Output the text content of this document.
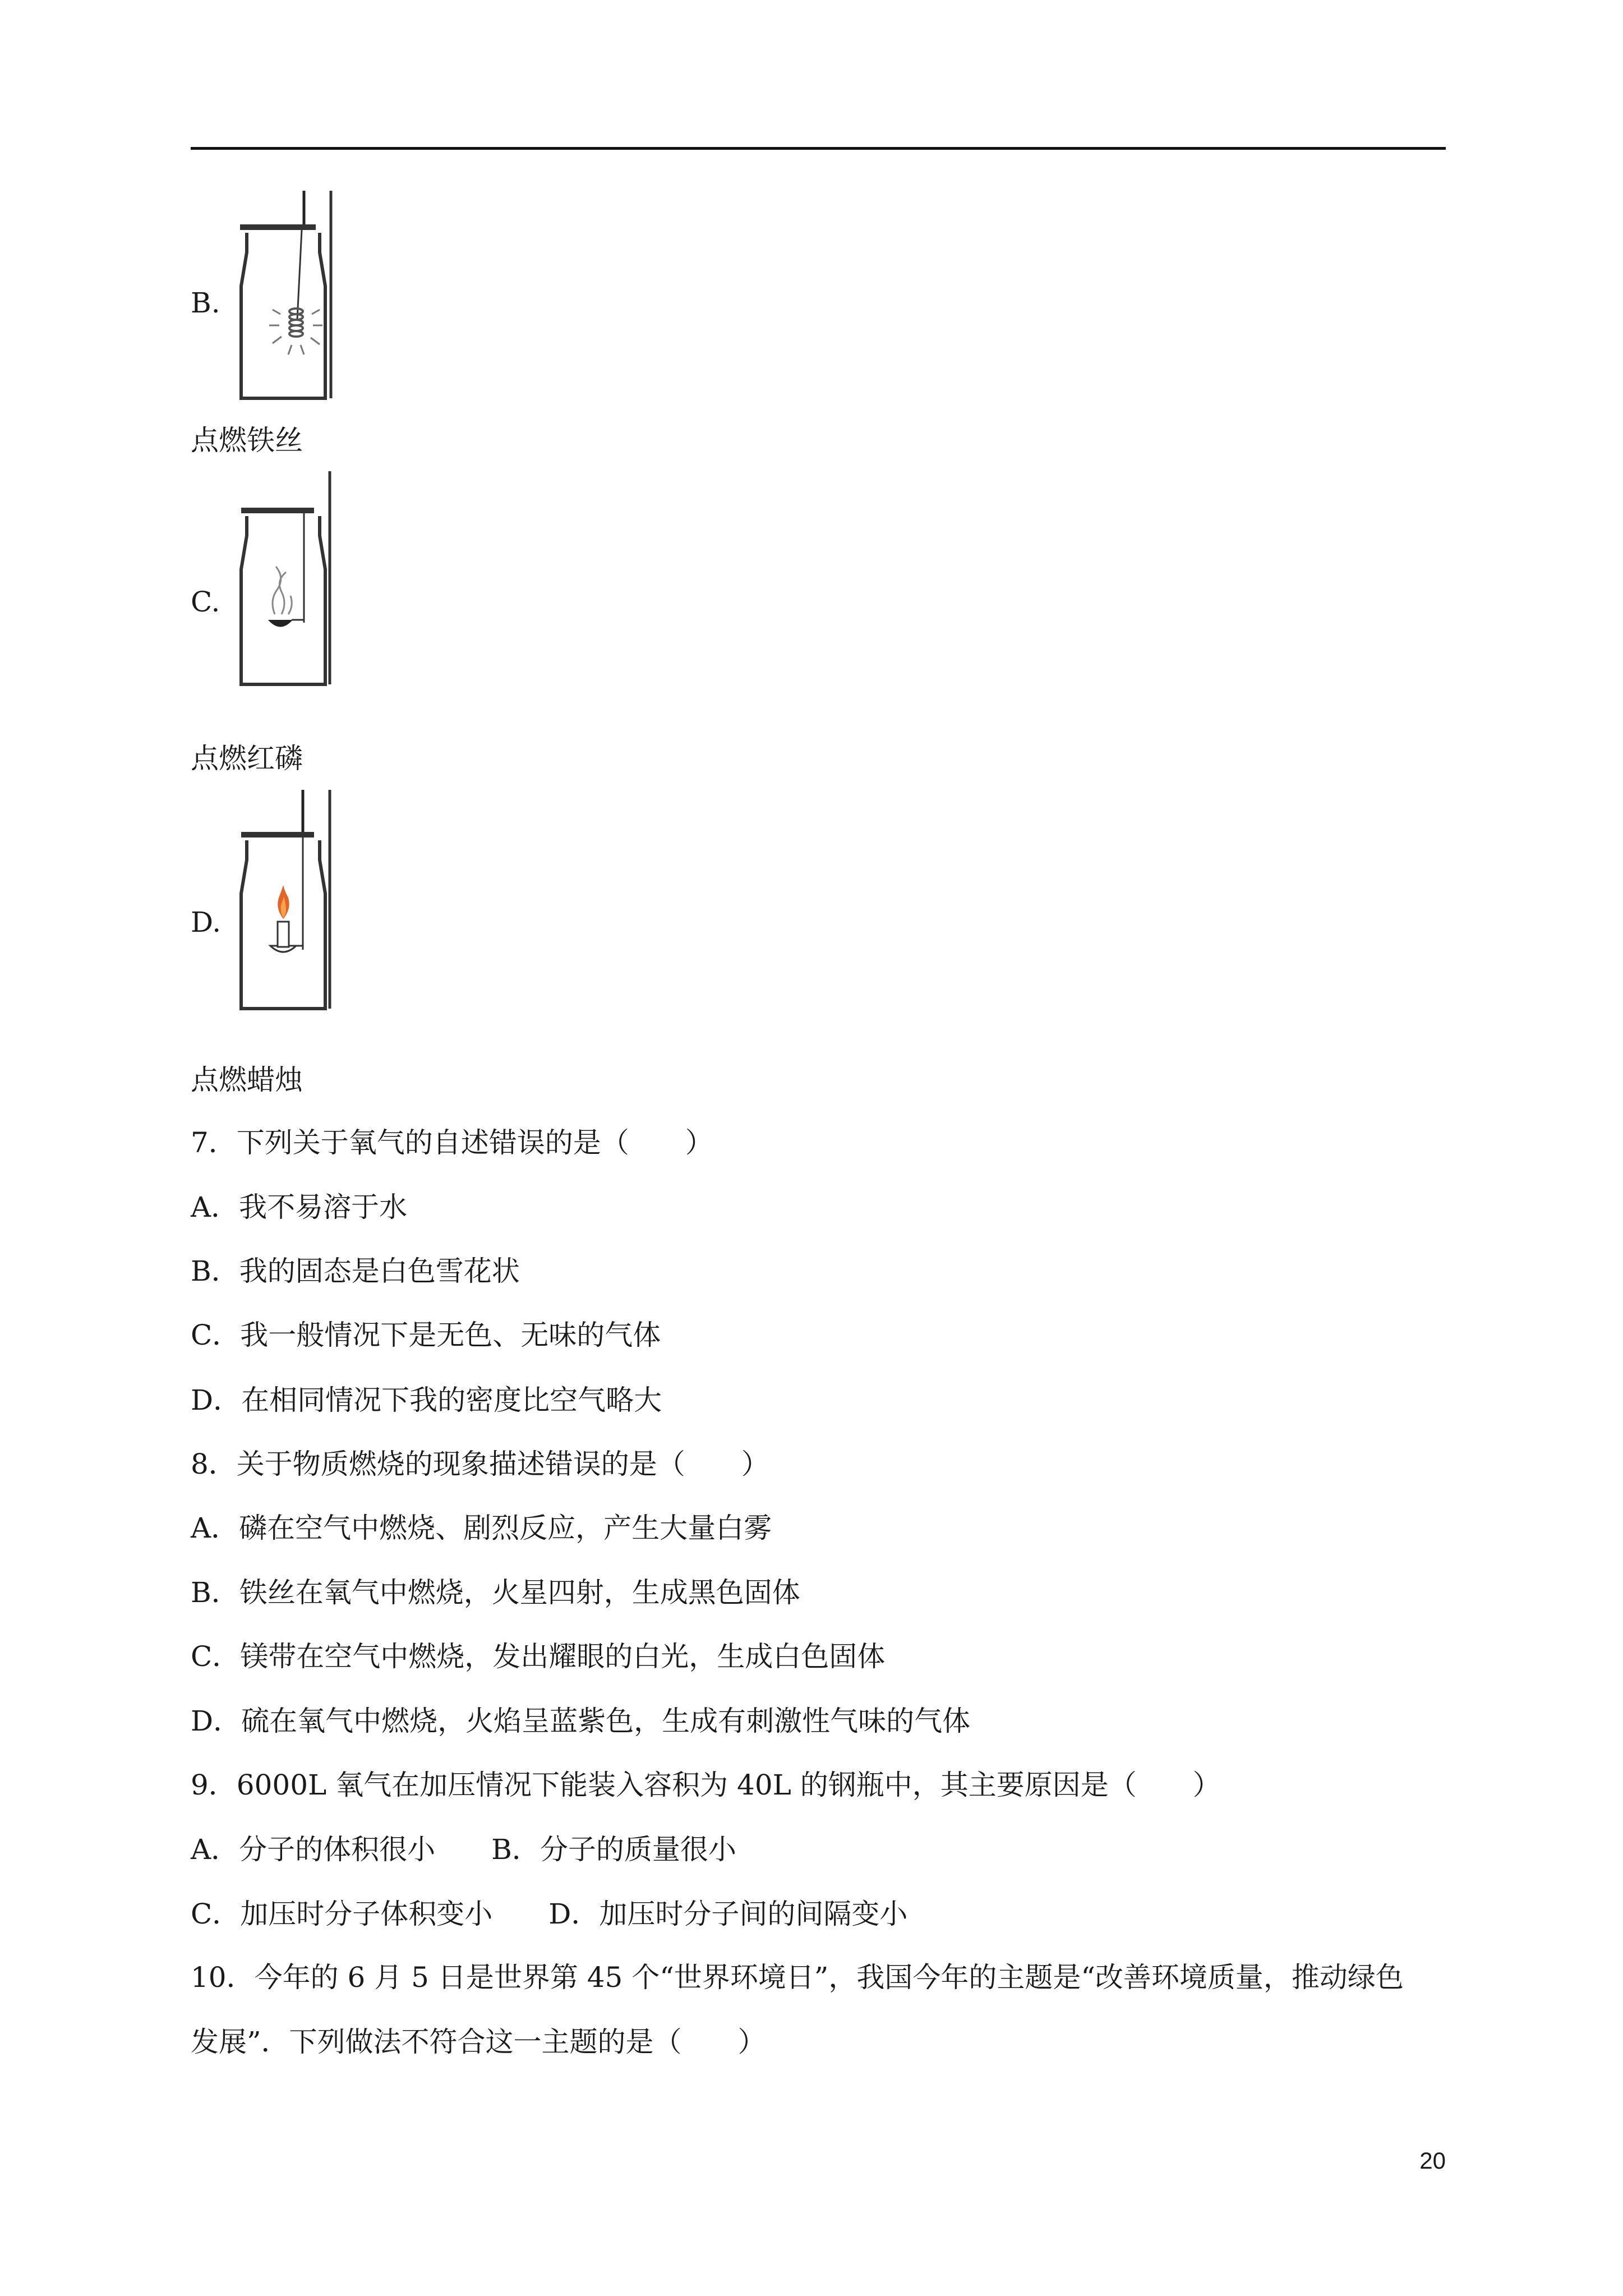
B.
点燃铁丝
C.
点燃红磷
D.
点燃蜡烛
7．下列关于氧气的自述错误的是（　　）
A．我不易溶于水
B．我的固态是白色雪花状
C．我一般情况下是无色、无味的气体
D．在相同情况下我的密度比空气略大
8．关于物质燃烧的现象描述错误的是（　　）
A．磷在空气中燃烧、剧烈反应，产生大量白雾
B．铁丝在氧气中燃烧，火星四射，生成黑色固体
C．镁带在空气中燃烧，发出耀眼的白光，生成白色固体
D．硫在氧气中燃烧，火焰呈蓝紫色，生成有刺激性气味的气体
9．6000L 氧气在加压情况下能装入容积为 40L 的钢瓶中，其主要原因是（　　）
A．分子的体积很小　　B．分子的质量很小
C．加压时分子体积变小　　D．加压时分子间的间隔变小
10．今年的 6 月 5 日是世界第 45 个“世界环境日”，我国今年的主题是“改善环境质量，推动绿色
发展”．下列做法不符合这一主题的是（　　）
20
